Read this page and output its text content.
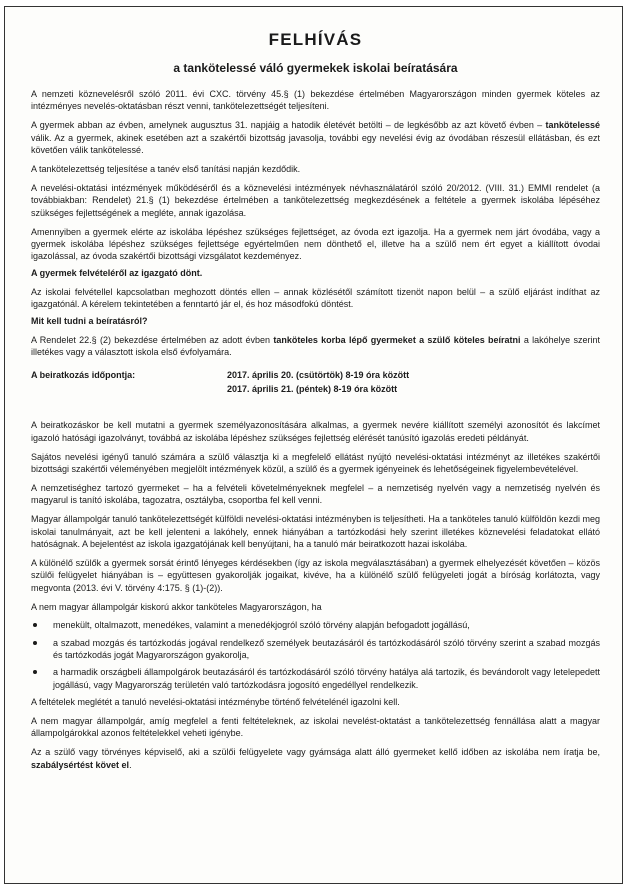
FELHÍVÁS
a tankötelessé váló gyermekek iskolai beíratására

A nemzeti köznevelésről szóló 2011. évi CXC. törvény 45.§ (1) bekezdése értelmében Magyarországon minden gyermek köteles az intézményes nevelés-oktatásban részt venni, tankötelezettségét teljesíteni.

A gyermek abban az évben, amelynek augusztus 31. napjáig a hatodik életévét betölti – de legkésőbb az azt követő évben – tankötelessé válik. Az a gyermek, akinek esetében azt a szakértői bizottság javasolja, további egy nevelési évig az óvodában részesül ellátásban, és ezt követően válik tankötelessé.

A tankötelezettség teljesítése a tanév első tanítási napján kezdődik.

A nevelési-oktatási intézmények működéséről és a köznevelési intézmények névhasználatáról szóló 20/2012. (VIII. 31.) EMMI rendelet (a továbbiakban: Rendelet) 21.§ (1) bekezdése értelmében a tankötelezettség megkezdésének a feltétele a gyermek iskolába lépéséhez szükséges fejlettségének a megléte, annak igazolása.

Amennyiben a gyermek elérte az iskolába lépéshez szükséges fejlettséget, az óvoda ezt igazolja. Ha a gyermek nem járt óvodába, vagy a gyermek iskolába lépéshez szükséges fejlettsége egyértelműen nem dönthető el, illetve ha a szülő nem ért egyet a kiállított óvodai igazolással, az óvoda szakértői bizottsági vizsgálatot kezdeményez.

A gyermek felvételéről az igazgató dönt.

Az iskolai felvétellel kapcsolatban meghozott döntés ellen – annak közlésétől számított tizenöt napon belül – a szülő eljárást indíthat az igazgatónál. A kérelem tekintetében a fenntartó jár el, és hoz másodfokú döntést.

Mit kell tudni a beíratásról?

A Rendelet 22.§ (2) bekezdése értelmében az adott évben tanköteles korba lépő gyermeket a szülő köteles beíratni a lakóhelye szerint illetékes vagy a választott iskola első évfolyamára.

A beiratkozás időpontja:	2017. április 20. (csütörtök) 8-19 óra között
2017. április 21. (péntek) 8-19 óra között

A beiratkozáskor be kell mutatni a gyermek személyazonosítására alkalmas, a gyermek nevére kiállított személyi azonosítót és lakcímet igazoló hatósági igazolványt, továbbá az iskolába lépéshez szükséges fejlettség elérését tanúsító igazolás eredeti példányát.

Sajátos nevelési igényű tanuló számára a szülő választja ki a megfelelő ellátást nyújtó nevelési-oktatási intézményt az illetékes szakértői bizottsági szakértői véleményében megjelölt intézmények közül, a szülő és a gyermek igényeinek és lehetőségeinek figyelembevételével.

A nemzetiséghez tartozó gyermeket – ha a felvételi követelményeknek megfelel – a nemzetiség nyelvén vagy a nemzetiség nyelvén és magyarul is tanító iskolába, tagozatra, osztályba, csoportba fel kell venni.

Magyar állampolgár tanuló tankötelezettségét külföldi nevelési-oktatási intézményben is teljesítheti. Ha a tanköteles tanuló külföldön kezdi meg iskolai tanulmányait, azt be kell jelenteni a lakóhely, ennek hiányában a tartózkodási hely szerint illetékes köznevelési feladatokat ellátó hatóságnak. A bejelentést az iskola igazgatójának kell benyújtani, ha a tanuló már beiratkozott hazai iskolába.

A különélő szülők a gyermek sorsát érintő lényeges kérdésekben (így az iskola megválasztásában) a gyermek elhelyezését követően – közös szülői felügyelet hiányában is – együttesen gyakorolják jogaikat, kivéve, ha a különélő szülő felügyeleti jogát a bíróság korlátozta, vagy megvonta (2013. évi V. törvény 4:175. § (1)-(2)).

A nem magyar állampolgár kiskorú akkor tanköteles Magyarországon, ha

menekült, oltalmazott, menedékes, valamint a menedékjogról szóló törvény alapján befogadott jogállású,
a szabad mozgás és tartózkodás jogával rendelkező személyek beutazásáról és tartózkodásáról szóló törvény szerint a szabad mozgás és tartózkodás jogát Magyarországon gyakorolja,
a harmadik országbeli állampolgárok beutazásáról és tartózkodásáról szóló törvény hatálya alá tartozik, és bevándorolt vagy letelepedett jogállású, vagy Magyarország területén való tartózkodásra jogosító engedéllyel rendelkezik.

A feltételek meglétét a tanuló nevelési-oktatási intézménybe történő felvételénél igazolni kell.

A nem magyar állampolgár, amíg megfelel a fenti feltételeknek, az iskolai nevelést-oktatást a tankötelezettség fennállása alatt a magyar állampolgárokkal azonos feltételekkel veheti igénybe.

Az a szülő vagy törvényes képviselő, aki a szülői felügyelete vagy gyámsága alatt álló gyermeket kellő időben az iskolába nem íratja be, szabálysértést követ el.
